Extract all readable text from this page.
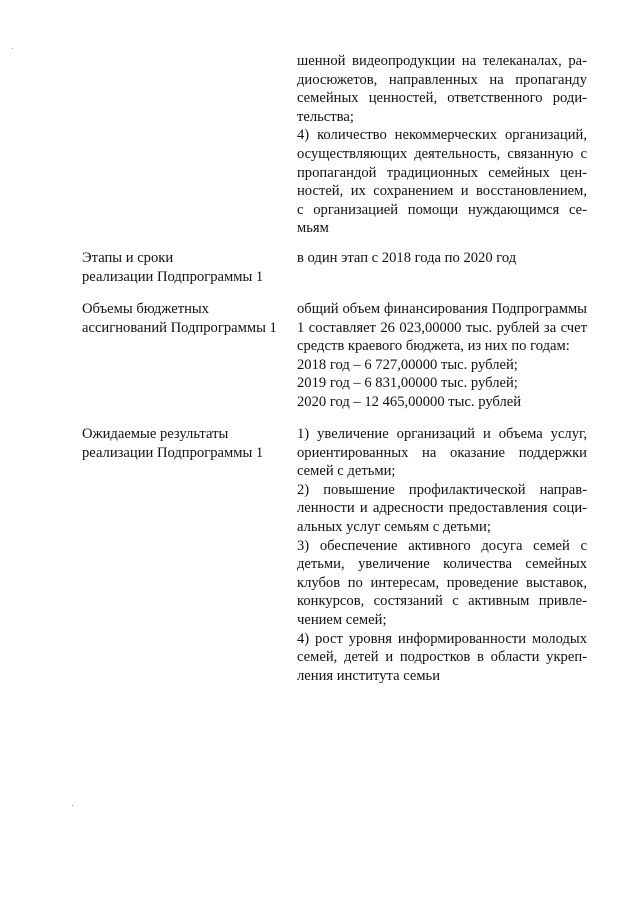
шенной видеопродукции на телеканалах, ра-
диосюжетов, направленных на пропаганду
семейных ценностей, ответственного роди-
тельства;
4) количество некоммерческих организаций,
осуществляющих деятельность, связанную с
пропагандой традиционных семейных цен-
ностей, их сохранением и восстановлением,
с организацией помощи нуждающимся се-
мьям
Этапы и сроки
реализации Подпрограммы 1
в один этап с 2018 года по 2020 год
Объемы бюджетных
ассигнований Подпрограммы 1
общий объем финансирования Подпрограммы
1 составляет 26 023,00000 тыс. рублей за счет
средств краевого бюджета, из них по годам:
2018 год – 6 727,00000 тыс. рублей;
2019 год – 6 831,00000 тыс. рублей;
2020 год – 12 465,00000 тыс. рублей
Ожидаемые результаты
реализации Подпрограммы 1
1) увеличение организаций и объема услуг,
ориентированных на оказание поддержки
семей с детьми;
2) повышение профилактической направ-
ленности и адресности предоставления соци-
альных услуг семьям с детьми;
3) обеспечение активного досуга семей с
детьми, увеличение количества семейных
клубов по интересам, проведение выставок,
конкурсов, состязаний с активным привле-
чением семей;
4) рост уровня информированности молодых
семей, детей и подростков в области укреп-
ления института семьи
